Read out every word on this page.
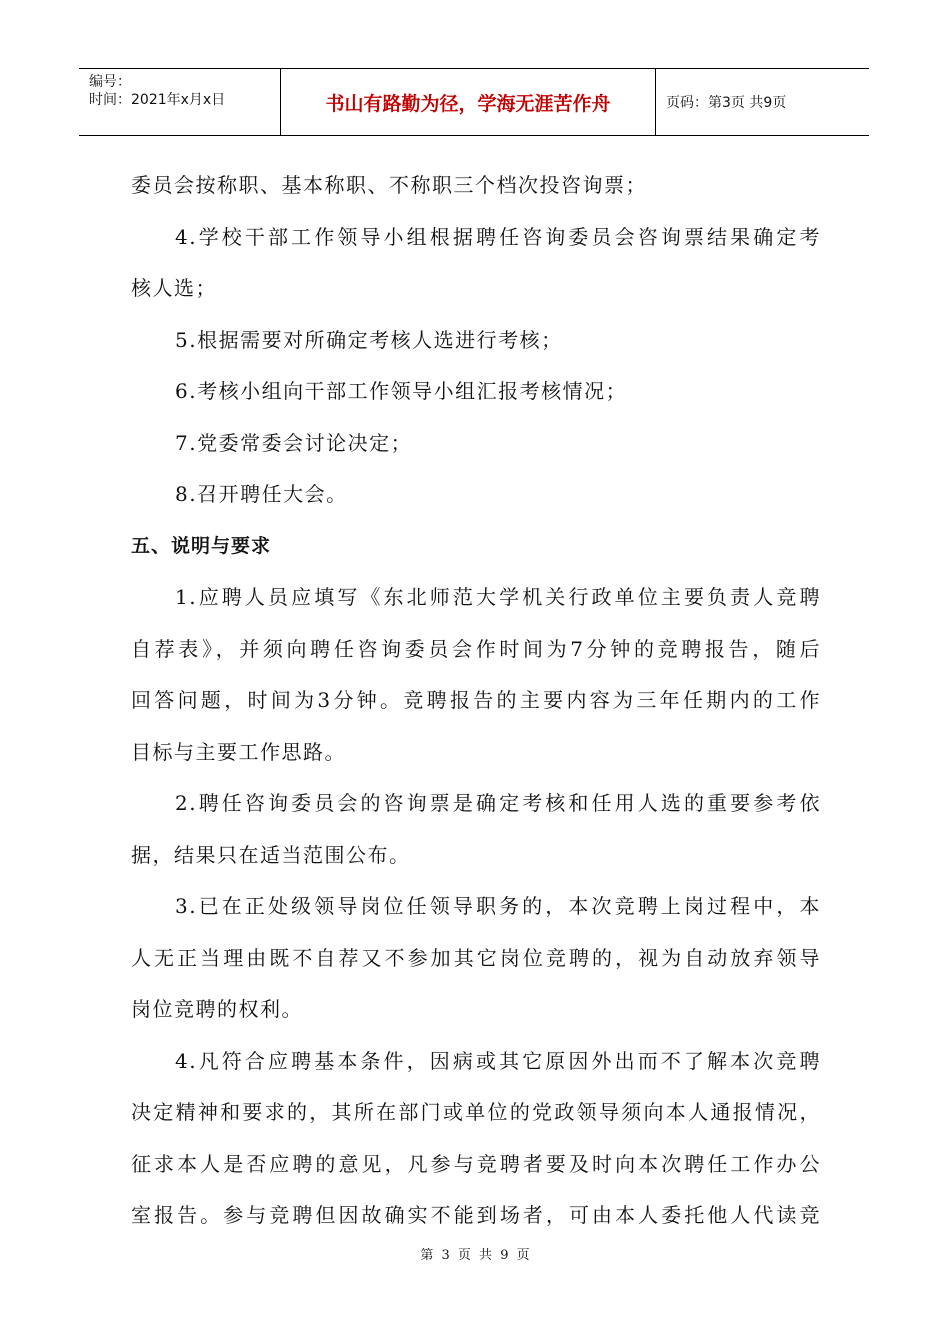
编号：
时间：2021年x月x日	书山有路勤为径，学海无涯苦作舟	页码：第3页 共9页
委员会按称职、基本称职、不称职三个档次投咨询票；
4.学校干部工作领导小组根据聘任咨询委员会咨询票结果确定考
核人选；
5.根据需要对所确定考核人选进行考核；
6.考核小组向干部工作领导小组汇报考核情况；
7.党委常委会讨论决定；
8.召开聘任大会。
五、说明与要求
1.应聘人员应填写《东北师范大学机关行政单位主要负责人竞聘
自荐表》，并须向聘任咨询委员会作时间为7分钟的竞聘报告，随后
回答问题，时间为3分钟。竞聘报告的主要内容为三年任期内的工作
目标与主要工作思路。
2.聘任咨询委员会的咨询票是确定考核和任用人选的重要参考依
据，结果只在适当范围公布。
3.已在正处级领导岗位任领导职务的，本次竞聘上岗过程中，本
人无正当理由既不自荐又不参加其它岗位竞聘的，视为自动放弃领导
岗位竞聘的权利。
4.凡符合应聘基本条件，因病或其它原因外出而不了解本次竞聘
决定精神和要求的，其所在部门或单位的党政领导须向本人通报情况，
征求本人是否应聘的意见，凡参与竞聘者要及时向本次聘任工作办公
室报告。参与竞聘但因故确实不能到场者，可由本人委托他人代读竞
第 3 页 共 9 页
